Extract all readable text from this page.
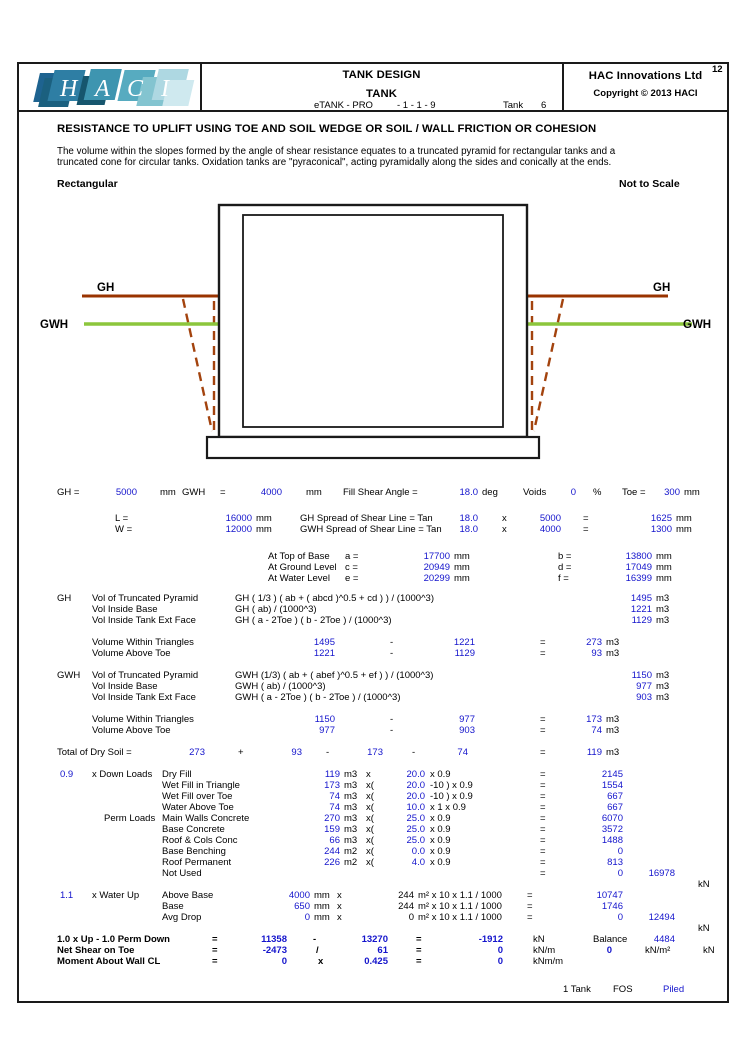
H A C I
TANK DESIGN
TANK
eTANK - PRO	- 1 - 1 - 9	Tank 6
12
HAC Innovations Ltd
Copyright © 2013 HACI
RESISTANCE TO UPLIFT USING TOE AND SOIL WEDGE OR SOIL / WALL FRICTION OR COHESION
The volume within the slopes formed by the angle of shear resistance equates to a truncated pyramid for rectangular tanks and a
truncated cone for circular tanks. Oxidation tanks are "pyraconical", acting pyramidally along the sides and conically at the ends.
Rectangular	Not to Scale
GH	GH
GWH	GWH
GH =	5000 mm GWH =	4000	mm Fill Shear Angle =	18.0 deg	Voids	0 % Toe =	300 mm
L =	16000 mm	GH Spread of Shear Line = Tan	18.0	x	5000 =	1625 mm
W =	12000 mm	GWH Spread of Shear Line = Tan	18.0	x	4000 =	1300 mm
At Top of Base a =	17700 mm	b =	13800 mm
At Ground Level c =	20949 mm	d =	17049 mm
At Water Level e =	20299 mm	f =	16399 mm
GH Vol of Truncated Pyramid	GH ( 1/3 ) ( ab + ( abcd )^0.5 + cd ) ) / (1000^3)	1495 m3
Vol Inside Base	GH ( ab) / (1000^3)	1221 m3
Vol Inside Tank Ext Face	GH ( a - 2Toe ) ( b - 2Toe ) / (1000^3)	1129 m3
Volume Within Triangles	1495	-	1221	=	273 m3
Volume Above Toe	1221	-	1129	=	93 m3
GWH Vol of Truncated Pyramid	GWH (1/3) ( ab + ( abef )^0.5 + ef ) ) / (1000^3)	1150 m3
Vol Inside Base	GWH ( ab) / (1000^3)	977 m3
Vol Inside Tank Ext Face	GWH ( a - 2Toe ) ( b - 2Toe ) / (1000^3)	903 m3
Volume Within Triangles	1150	-	977	=	173 m3
Volume Above Toe	977	-	903	=	74 m3
Total of Dry Soil =	273	+	93	-	173	-	74	=	119 m3
0.9 x Down Loads Dry Fill	119 m3 x	20.0 x 0.9	=	2145
Wet Fill in Triangle	173 m3 x(	20.0 -10 ) x 0.9	=	1554
Wet Fill over Toe	74 m3 x(	20.0 -10 ) x 0.9	=	667
Water Above Toe	74 m3 x(	10.0 x 1 x 0.9	=	667
Perm Loads Main Walls Concrete	270 m3 x(	25.0 x 0.9	=	6070
Base Concrete	159 m3 x(	25.0 x 0.9	=	3572
Roof & Cols Conc	66 m3 x(	25.0 x 0.9	=	1488
Base Benching	244 m2 x(	0.0 x 0.9	=	0
Roof Permanent	226 m2 x(	4.0 x 0.9	=	813
Not Used	=	0	16978
kN
1.1 x Water Up Above Base	4000 mm x	244 m² x 10 x 1.1 / 1000	=	10747
Base	650 mm x	244 m² x 10 x 1.1 / 1000	=	1746
Avg Drop	0 mm x	0 m² x 10 x 1.1 / 1000	=	0	12494
kN
1.0 x Up - 1.0 Perm Down	=	11358	-	13270	=	-1912	kN	Balance	4484
Net Shear on Toe	=	-2473	/	61	=	0	kN/m	0	kN/m²	kN
Moment About Wall CL	=	0	x	0.425	=	0	kNm/m
1 Tank FOS	Piled
